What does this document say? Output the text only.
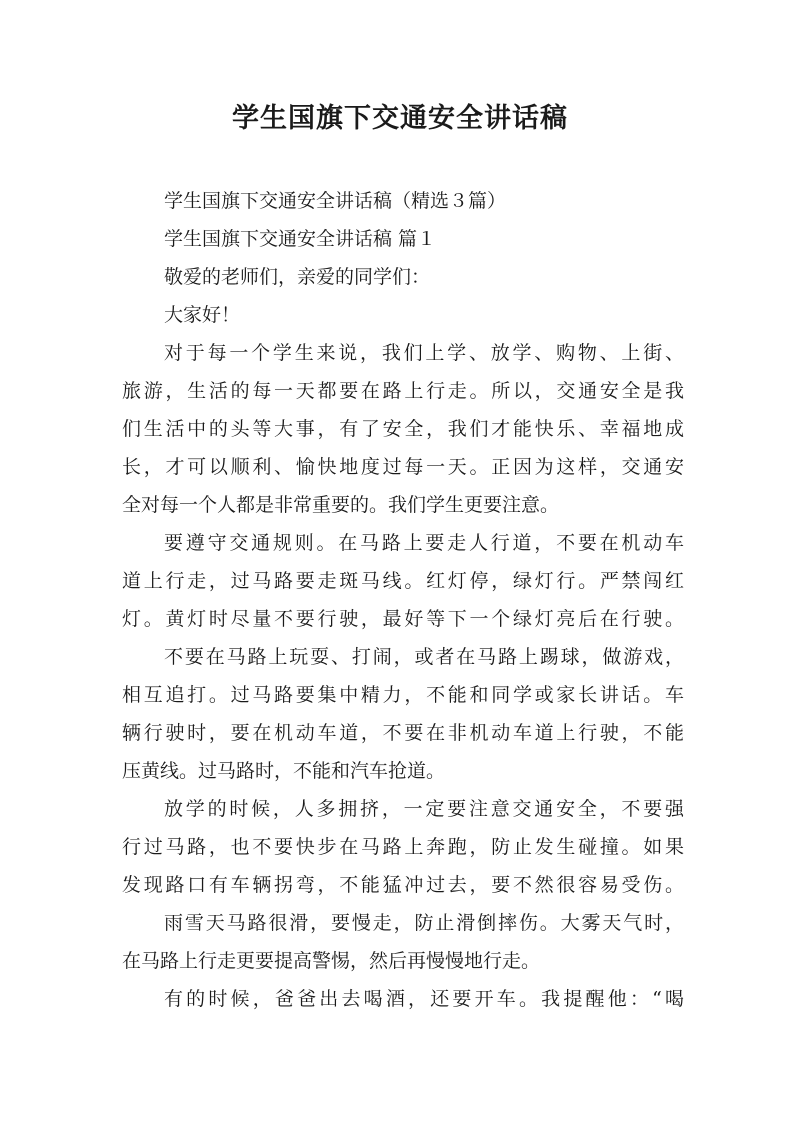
学生国旗下交通安全讲话稿

学生国旗下交通安全讲话稿（精选３篇）

学生国旗下交通安全讲话稿 篇１

敬爱的老师们，亲爱的同学们：

大家好！

对于每一个学生来说，我们上学、放学、购物、上街、

旅游，生活的每一天都要在路上行走。所以，交通安全是我

们生活中的头等大事，有了安全，我们才能快乐、幸福地成

长，才可以顺利、愉快地度过每一天。正因为这样，交通安

全对每一个人都是非常重要的。我们学生更要注意。

要遵守交通规则。在马路上要走人行道，不要在机动车

道上行走，过马路要走斑马线。红灯停，绿灯行。严禁闯红

灯。黄灯时尽量不要行驶，最好等下一个绿灯亮后在行驶。

不要在马路上玩耍、打闹，或者在马路上踢球，做游戏，

相互追打。过马路要集中精力，不能和同学或家长讲话。车

辆行驶时，要在机动车道，不要在非机动车道上行驶，不能

压黄线。过马路时，不能和汽车抢道。

放学的时候，人多拥挤，一定要注意交通安全，不要强

行过马路，也不要快步在马路上奔跑，防止发生碰撞。如果

发现路口有车辆拐弯，不能猛冲过去，要不然很容易受伤。

雨雪天马路很滑，要慢走，防止滑倒摔伤。大雾天气时，

在马路上行走更要提高警惕，然后再慢慢地行走。

有的时候，爸爸出去喝酒，还要开车。我提醒他：“喝
